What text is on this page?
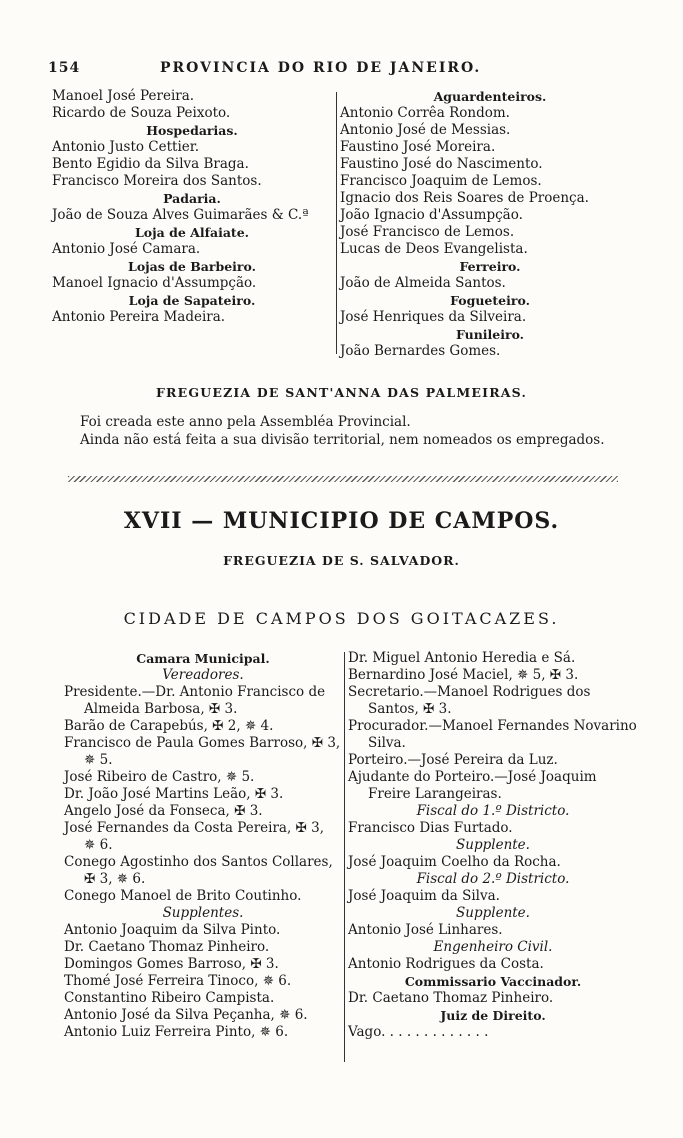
154	PROVINCIA DO RIO DE JANEIRO.
Manoel José Pereira.
Ricardo de Souza Peixoto.
Hospedarias.
Antonio Justo Cettier.
Bento Egidio da Silva Braga.
Francisco Moreira dos Santos.
Padaria.
João de Souza Alves Guimarães & C.ª
Loja de Alfaiate.
Antonio José Camara.
Lojas de Barbeiro.
Manoel Ignacio d'Assumpção.
Loja de Sapateiro.
Antonio Pereira Madeira.
Aguardenteiros.
Antonio Corrêa Rondom.
Antonio José de Messias.
Faustino José Moreira.
Faustino José do Nascimento.
Francisco Joaquim de Lemos.
Ignacio dos Reis Soares de Proença.
João Ignacio d'Assumpção.
José Francisco de Lemos.
Lucas de Deos Evangelista.
Ferreiro.
João de Almeida Santos.
Fogueteiro.
José Henriques da Silveira.
Funileiro.
João Bernardes Gomes.
FREGUEZIA DE SANT'ANNA DAS PALMEIRAS.
Foi creada este anno pela Assembléa Provincial.
Ainda não está feita a sua divisão territorial, nem nomeados os empregados.
XVII — MUNICIPIO DE CAMPOS.
FREGUEZIA DE S. SALVADOR.
CIDADE DE CAMPOS DOS GOITACAZES.
Camara Municipal.
Vereadores.
Presidente.—Dr. Antonio Francisco de
Almeida Barbosa, ✠ 3.
Barão de Carapebús, ✠ 2, ✵ 4.
Francisco de Paula Gomes Barroso, ✠ 3,
✵ 5.
José Ribeiro de Castro, ✵ 5.
Dr. João José Martins Leão, ✠ 3.
Angelo José da Fonseca, ✠ 3.
José Fernandes da Costa Pereira, ✠ 3,
✵ 6.
Conego Agostinho dos Santos Collares,
✠ 3, ✵ 6.
Conego Manoel de Brito Coutinho.
Supplentes.
Antonio Joaquim da Silva Pinto.
Dr. Caetano Thomaz Pinheiro.
Domingos Gomes Barroso, ✠ 3.
Thomé José Ferreira Tinoco, ✵ 6.
Constantino Ribeiro Campista.
Antonio José da Silva Peçanha, ✵ 6.
Antonio Luiz Ferreira Pinto, ✵ 6.
Dr. Miguel Antonio Heredia e Sá.
Bernardino José Maciel, ✵ 5, ✠ 3.
Secretario.—Manoel Rodrigues dos Santos, ✠ 3.
Procurador.—Manoel Fernandes Novarino Silva.
Porteiro.—José Pereira da Luz.
Ajudante do Porteiro.—José Joaquim Freire Larangeiras.
Fiscal do 1.º Districto.
Francisco Dias Furtado.
Supplente.
José Joaquim Coelho da Rocha.
Fiscal do 2.º Districto.
José Joaquim da Silva.
Supplente.
Antonio José Linhares.
Engenheiro Civil.
Antonio Rodrigues da Costa.
Commissario Vaccinador.
Dr. Caetano Thomaz Pinheiro.
Juiz de Direito.
Vago. . . . . . . . . . . . .
